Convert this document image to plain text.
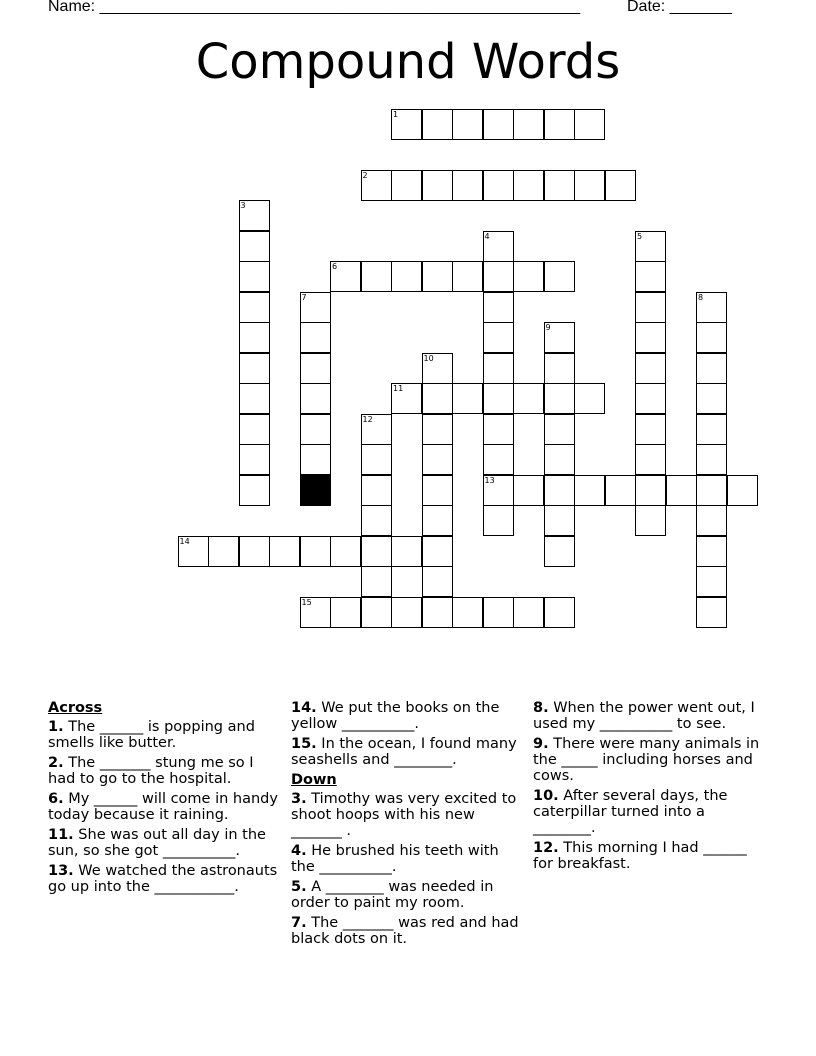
Name: ______________________________________________________	Date: _______
Compound Words
1
2
6
11
13
14
15
3
4	5
7	8
9
10
12
Across
1. The ______ is popping and smells like butter.
2. The _______ stung me so I had to go to the hospital.
6. My ______ will come in handy today because it raining.
11. She was out all day in the sun, so she got __________.
13. We watched the astronauts go up into the ___________.
14. We put the books on the yellow __________.
15. In the ocean, I found many seashells and ________.
Down
3. Timothy was very excited to shoot hoops with his new _______ .
4. He brushed his teeth with the __________.
5. A ________ was needed in order to paint my room.
7. The _______ was red and had black dots on it.
8. When the power went out, I used my __________ to see.
9. There were many animals in the _____ including horses and cows.
10. After several days, the caterpillar turned into a ________.
12. This morning I had ______ for breakfast.
